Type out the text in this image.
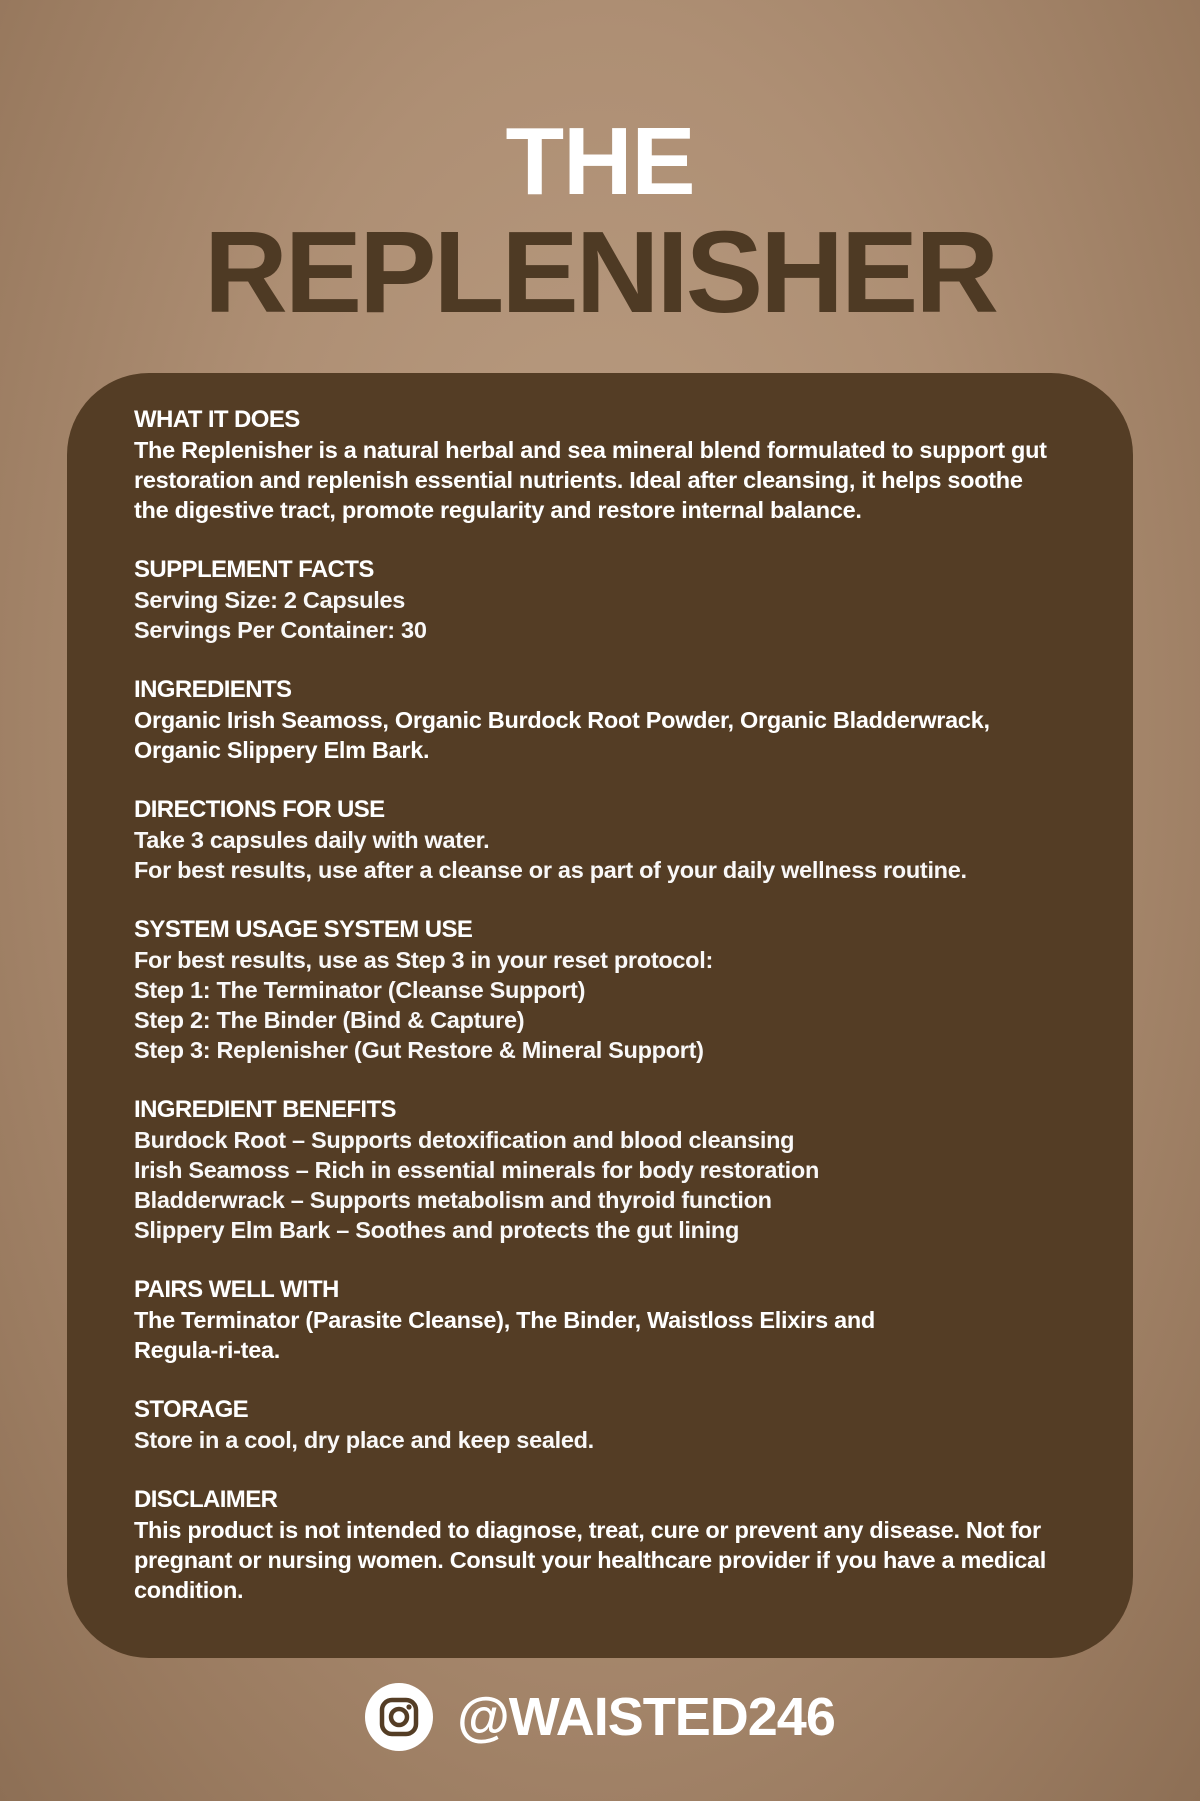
THE
REPLENISHER
WHAT IT DOES
The Replenisher is a natural herbal and sea mineral blend formulated to support gut restoration and replenish essential nutrients. Ideal after cleansing, it helps soothe the digestive tract, promote regularity and restore internal balance.
SUPPLEMENT FACTS
Serving Size: 2 Capsules
Servings Per Container: 30
INGREDIENTS
Organic Irish Seamoss, Organic Burdock Root Powder, Organic Bladderwrack, Organic Slippery Elm Bark.
DIRECTIONS FOR USE
Take 3 capsules daily with water.
For best results, use after a cleanse or as part of your daily wellness routine.
SYSTEM USAGE SYSTEM USE
For best results, use as Step 3 in your reset protocol:
Step 1: The Terminator (Cleanse Support)
Step 2: The Binder (Bind & Capture)
Step 3: Replenisher (Gut Restore & Mineral Support)
INGREDIENT BENEFITS
Burdock Root – Supports detoxification and blood cleansing
Irish Seamoss – Rich in essential minerals for body restoration
Bladderwrack – Supports metabolism and thyroid function
Slippery Elm Bark – Soothes and protects the gut lining
PAIRS WELL WITH
The Terminator (Parasite Cleanse), The Binder, Waistloss Elixirs and Regula-ri-tea.
STORAGE
Store in a cool, dry place and keep sealed.
DISCLAIMER
This product is not intended to diagnose, treat, cure or prevent any disease. Not for pregnant or nursing women. Consult your healthcare provider if you have a medical condition.
@WAISTED246
